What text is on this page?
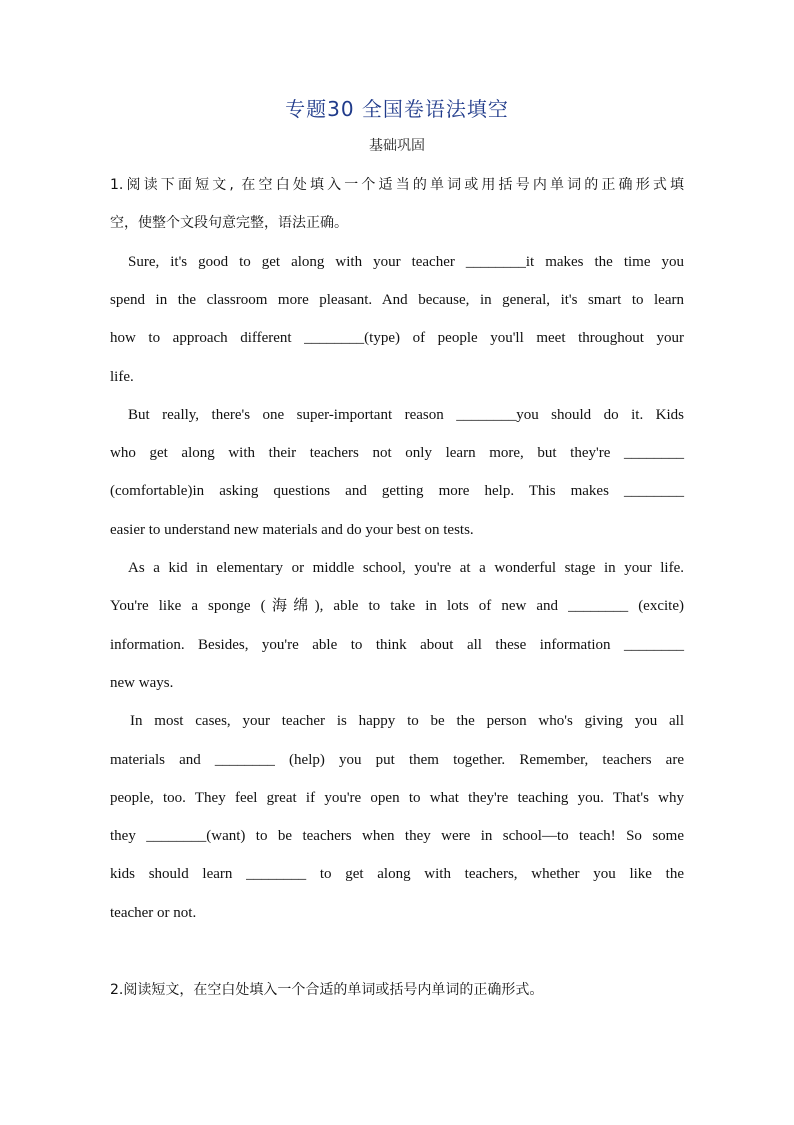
专题30 全国卷语法填空
基础巩固
1.阅读下面短文, 在空白处填入一个适当的单词或用括号内单词的正确形式填
空，使整个文段句意完整，语法正确。
Sure, it's good to get along with your teacher ________it makes the time you
spend in the classroom more pleasant. And because, in general, it's smart to learn
how to approach different ________(type) of people you'll meet throughout your
life.
But really, there's one super-important reason ________you should do it. Kids
who get along with their teachers not only learn more, but they're ________
(comfortable)in asking questions and getting more help. This makes ________
easier to understand new materials and do your best on tests.
As a kid in elementary or middle school, you're at a wonderful stage in your life.
You're like a sponge (海绵), able to take in lots of new and ________ (excite)
information. Besides, you're able to think about all these information ________
new ways.
In most cases, your teacher is happy to be the person who's giving you all
materials and ________ (help) you put them together. Remember, teachers are
people, too. They feel great if you're open to what they're teaching you. That's why
they ________(want) to be teachers when they were in school—to teach! So some
kids should learn ________ to get along with teachers, whether you like the
teacher or not.
2.阅读短文，在空白处填入一个合适的单词或括号内单词的正确形式。
